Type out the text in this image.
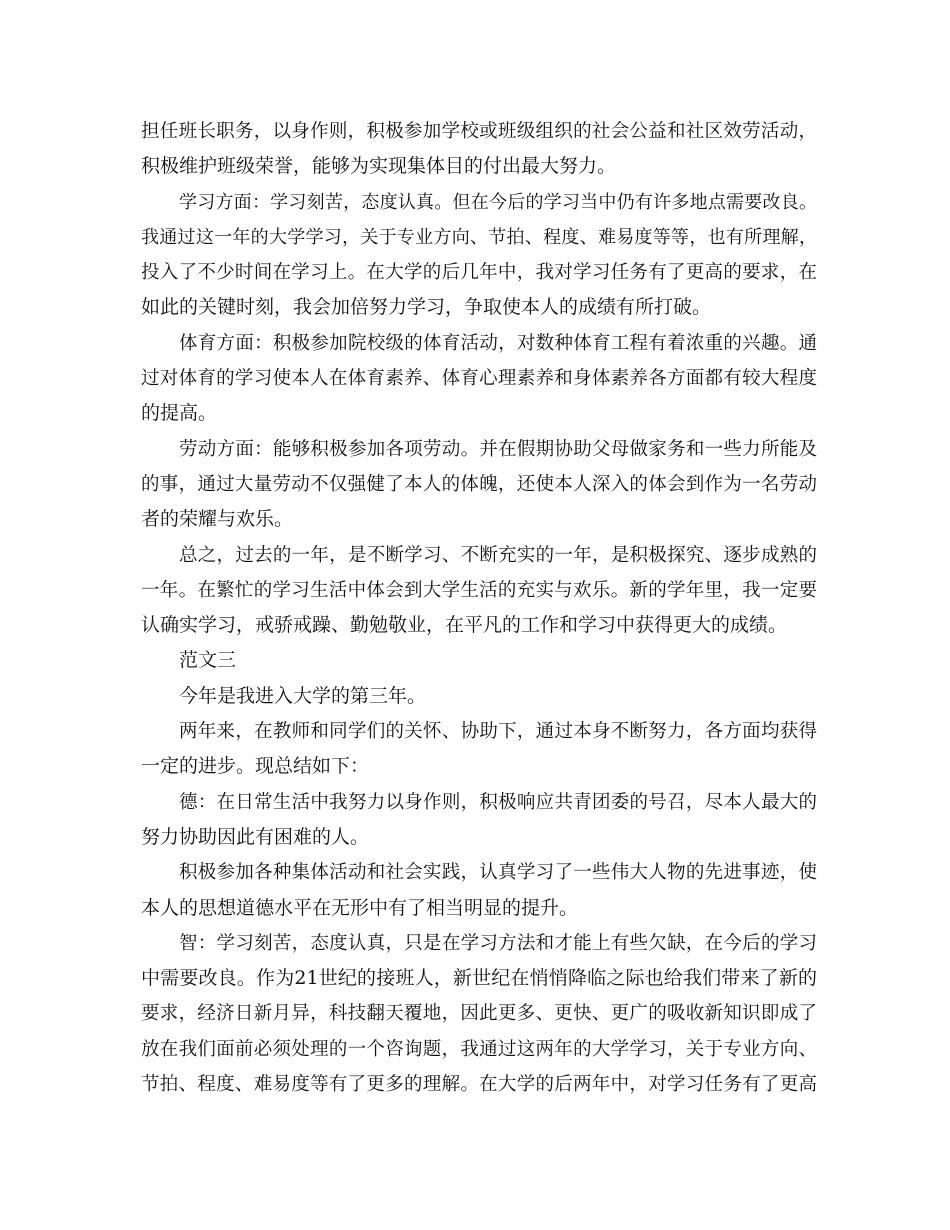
担任班长职务，以身作则，积极参加学校或班级组织的社会公益和社区效劳活动，
积极维护班级荣誉，能够为实现集体目的付出最大努力。
学习方面：学习刻苦，态度认真。但在今后的学习当中仍有许多地点需要改良。
我通过这一年的大学学习，关于专业方向、节拍、程度、难易度等等，也有所理解，
投入了不少时间在学习上。在大学的后几年中，我对学习任务有了更高的要求，在
如此的关键时刻，我会加倍努力学习，争取使本人的成绩有所打破。
体育方面：积极参加院校级的体育活动，对数种体育工程有着浓重的兴趣。通
过对体育的学习使本人在体育素养、体育心理素养和身体素养各方面都有较大程度
的提高。
劳动方面：能够积极参加各项劳动。并在假期协助父母做家务和一些力所能及
的事，通过大量劳动不仅强健了本人的体魄，还使本人深入的体会到作为一名劳动
者的荣耀与欢乐。
总之，过去的一年，是不断学习、不断充实的一年，是积极探究、逐步成熟的
一年。在繁忙的学习生活中体会到大学生活的充实与欢乐。新的学年里，我一定要
认确实学习，戒骄戒躁、勤勉敬业，在平凡的工作和学习中获得更大的成绩。
范文三
今年是我进入大学的第三年。
两年来，在教师和同学们的关怀、协助下，通过本身不断努力，各方面均获得
一定的进步。现总结如下：
德：在日常生活中我努力以身作则，积极响应共青团委的号召，尽本人最大的
努力协助因此有困难的人。
积极参加各种集体活动和社会实践，认真学习了一些伟大人物的先进事迹，使
本人的思想道德水平在无形中有了相当明显的提升。
智：学习刻苦，态度认真，只是在学习方法和才能上有些欠缺，在今后的学习
中需要改良。作为21世纪的接班人，新世纪在悄悄降临之际也给我们带来了新的
要求，经济日新月异，科技翻天覆地，因此更多、更快、更广的吸收新知识即成了
放在我们面前必须处理的一个咨询题，我通过这两年的大学学习，关于专业方向、
节拍、程度、难易度等有了更多的理解。在大学的后两年中，对学习任务有了更高
